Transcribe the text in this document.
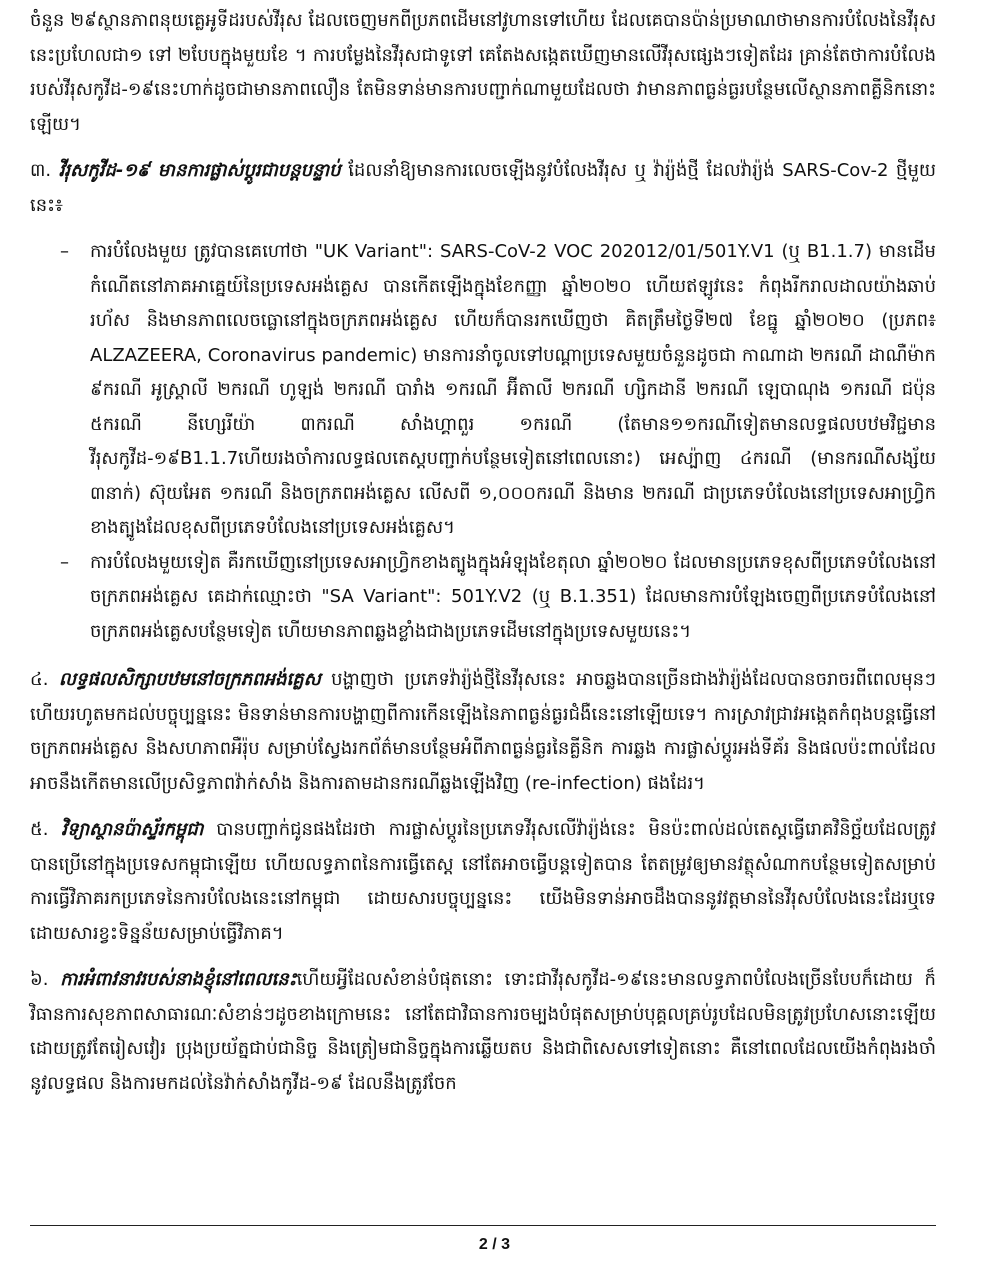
ចំនួន ២៩ស្ថានភាពនុយគ្លេអូទីដរបស់វីរុស ដែលចេញមកពីប្រភពដើមនៅវូហានទៅហើយ ដែលគេបានប៉ាន់ប្រមាណថាមានការបំលែងនៃវីរុសនេះប្រហែលជា១ ទៅ ២បែបក្នុងមួយខែ ។ ការបម្លែងនៃវីរុសជាទូទៅ គេតែងសង្កេតឃើញមានលើវីរុសផ្សេងៗទៀតដែរ គ្រាន់តែថាការបំលែងរបស់វីរុសកូវីដ-១៩នេះហាក់ដូចជាមានភាពលឿន តែមិនទាន់មានការបញ្ជាក់ណាមួយដែលថា វាមានភាពធ្ងន់ធ្ងរបន្ថែមលើស្ថានភាពគ្លីនិកនោះឡើយ។

៣. វីរុសកូវីដ-១៩ មានការផ្លាស់ប្តូរជាបន្តបន្ទាប់ ដែលនាំឱ្យមានការលេចឡើងនូវបំលែងវីរុស ឬ វ៉ារ្យ៉ង់ថ្មី ដែលវ៉ារ្យ៉ង់ SARS-Cov-2 ថ្មីមួយនេះ៖

– ការបំលែងមួយ ត្រូវបានគេហៅថា "UK Variant": SARS-CoV-2 VOC 202012/01/501Y.V1 (ឬ B1.1.7) មានដើមកំណើតនៅភាគអាគ្នេយ៍នៃប្រទេសអង់គ្លេស បានកើតឡើងក្នុងខែកញ្ញា ឆ្នាំ២០២០ ហើយឥឡូវនេះ កំពុងរីករាលដាលយ៉ាងឆាប់រហ័ស និងមានភាពលេចធ្លោនៅក្នុងចក្រភពអង់គ្លេស ហើយក៏បានរកឃើញថា គិតត្រឹមថ្ងៃទី២៧ ខែធ្នូ ឆ្នាំ២០២០ (ប្រភព៖ ALZAZEERA, Coronavirus pandemic) មានការនាំចូលទៅបណ្តាប្រទេសមួយចំនួនដូចជា កាណាដា ២ករណី ដាណឺម៉ាក ៩ករណី អូស្ត្រាលី ២ករណី ហូឡង់ ២ករណី បារាំង ១ករណី អ៊ីតាលី ២ករណី ហ្សិកដានី ២ករណី ឡេបាណុង ១ករណី ជប៉ុន ៥ករណី នីហ្សេរីយ៉ា ៣ករណី សាំងហ្គាពួរ ១ករណី (តែមាន១១ករណីទៀតមានលទ្ធផលបឋមវិជ្ជមានវីរុសកូវីដ-១៩B1.1.7ហើយរងចាំការលទ្ធផលតេស្តបញ្ជាក់បន្ថែមទៀតនៅពេលនោះ) អេស្ប៉ាញ ៤ករណី (មានករណីសង្ស័យ ៣នាក់) ស៊ុយអែត ១ករណី និងចក្រភពអង់គ្លេស លើសពី ១,០០០ករណី និងមាន ២ករណី ជាប្រភេទបំលែងនៅប្រទេសអាហ្វ្រិកខាងត្បូងដែលខុសពីប្រភេទបំលែងនៅប្រទេសអង់គ្លេស។
– ការបំលែងមួយទៀត គឺរកឃើញនៅប្រទេសអាហ្វ្រិកខាងត្បូងក្នុងអំឡុងខែតុលា ឆ្នាំ២០២០ ដែលមានប្រភេទខុសពីប្រភេទបំលែងនៅចក្រភពអង់គ្លេស គេដាក់ឈ្មោះថា "SA Variant": 501Y.V2 (ឬ B.1.351) ដែលមានការបំឡែងចេញពីប្រភេទបំលែងនៅចក្រភពអង់គ្លេសបន្ថែមទៀត ហើយមានភាពឆ្លងខ្លាំងជាងប្រភេទដើមនៅក្នុងប្រទេសមួយនេះ។

៤. លទ្ធផលសិក្សាបឋមនៅចក្រភពអង់គ្លេស បង្ហាញថា ប្រភេទវ៉ារ្យ៉ង់ថ្មីនៃវីរុសនេះ អាចឆ្លងបានច្រើនជាងវ៉ារ្យ៉ង់ដែលបានចរាចរពីពេលមុនៗ ហើយរហូតមកដល់បច្ចុប្បន្ននេះ មិនទាន់មានការបង្ហាញពីការកើនឡើងនៃភាពធ្ងន់ធ្ងរជំងឺនេះនៅឡើយទេ។ ការស្រាវជ្រាវអង្កេតកំពុងបន្តធ្វើនៅចក្រភពអង់គ្លេស និងសហភាពអឺរ៉ុប សម្រាប់ស្វែងរកព័ត៌មានបន្ថែមអំពីភាពធ្ងន់ធ្ងរនៃគ្លីនិក ការឆ្លង ការផ្លាស់ប្តូរអង់ទីគ័រ និងផលប៉ះពាល់ដែលអាចនឹងកើតមានលើប្រសិទ្ធភាពវ៉ាក់សាំង និងការតាមដានករណីឆ្លងឡើងវិញ (re-infection) ផងដែរ។

៥. វិទ្យាស្ថានប៉ាស្ទ័រកម្ពុជា បានបញ្ជាក់ជូនផងដែរថា ការផ្លាស់ប្តូរនៃប្រភេទវីរុសលើវ៉ារ្យ៉ង់នេះ មិនប៉ះពាល់ដល់តេស្តធ្វើរោគវិនិច្ឆ័យដែលត្រូវបានប្រើនៅក្នុងប្រទេសកម្ពុជាឡើយ ហើយលទ្ធភាពនៃការធ្វើតេស្ត នៅតែអាចធ្វើបន្តទៀតបាន តែតម្រូវឲ្យមានវត្ថុសំណាកបន្ថែមទៀតសម្រាប់ការធ្វើវិភាគរកប្រភេទនៃការបំលែងនេះនៅកម្ពុជា ដោយសារបច្ចុប្បន្ននេះ យើងមិនទាន់អាចដឹងបាននូវវត្តមាននៃវីរុសបំលែងនេះដែរឬទេ ដោយសារខ្វះទិន្នន័យសម្រាប់ធ្វើវិភាគ។

៦. ការអំពាវនាវរបស់នាងខ្ញុំនៅពេលនេះហើយអ្វីដែលសំខាន់បំផុតនោះ ទោះជាវីរុសកូវីដ-១៩នេះមានលទ្ធភាពបំលែងច្រើនបែបក៏ដោយ ក៏វិធានការសុខភាពសាធារណៈសំខាន់ៗដូចខាងក្រោមនេះ នៅតែជាវិធានការចម្បងបំផុតសម្រាប់បុគ្គលគ្រប់រូបដែលមិនត្រូវប្រហែសនោះឡើយ ដោយត្រូវតែរៀសវៀរ ប្រុងប្រយ័ត្នជាប់ជានិច្ច និងត្រៀមជានិច្ចក្នុងការឆ្លើយតប និងជាពិសេសទៅទៀតនោះ គឺនៅពេលដែលយើងកំពុងរងចាំនូវលទ្ធផល និងការមកដល់នៃវ៉ាក់សាំងកូវីដ-១៩ ដែលនឹងត្រូវចែក

2 / 3
